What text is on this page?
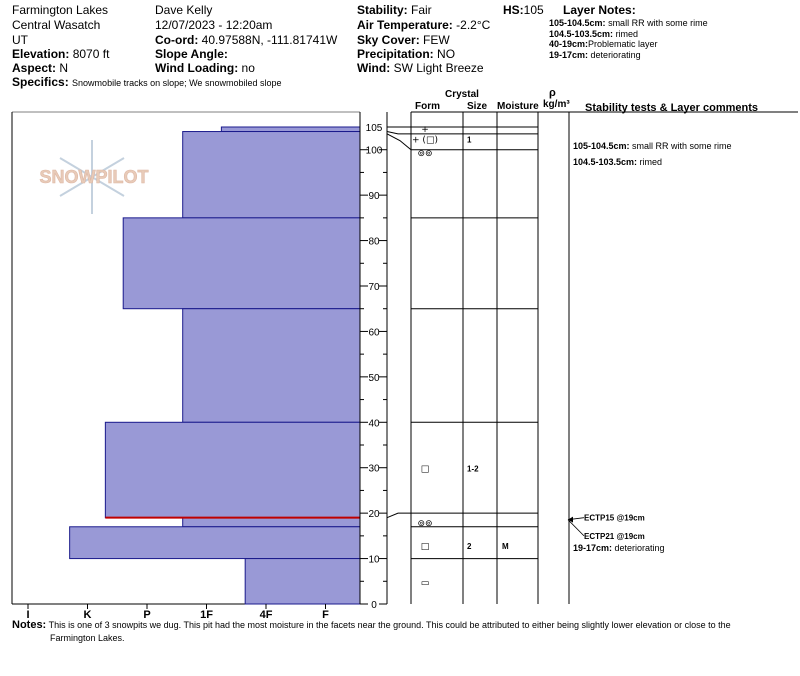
Farmington Lakes
Central Wasatch
UT
Elevation: 8070 ft
Aspect: N
Specifics: Snowmobile tracks on slope; We snowmobiled slope
Dave Kelly
12/07/2023 - 12:20am
Co-ord: 40.97588N, -111.81741W
Slope Angle:
Wind Loading: no
Stability: Fair	HS:105
Air Temperature: -2.2°C
Sky Cover: FEW
Precipitation: NO
Wind: SW Light Breeze
Layer Notes:
105-104.5cm: small RR with some rime
104.5-103.5cm: rimed
40-19cm:Problematic layer
19-17cm: deteriorating
Crystal
Form	Size Moisture
ρ
kg/m³ Stability tests & Layer comments
SNOWPILOT
0
10
20
30
40
50
60
70
80
90
100
105
I	K	P	1F	4F	F
+
+ (□)	1
⊚⊚
□	1-2
⊚⊚
□	2	M
▭
105-104.5cm: small RR with some rime
104.5-103.5cm: rimed
19-17cm: deteriorating
ECTP15 @19cm
ECTP21 @19cm
Notes: This is one of 3 snowpits we dug. This pit had the most moisture in the facets near the ground. This could be attributed to either being slightly lower elevation or close to the
Farmington Lakes.
